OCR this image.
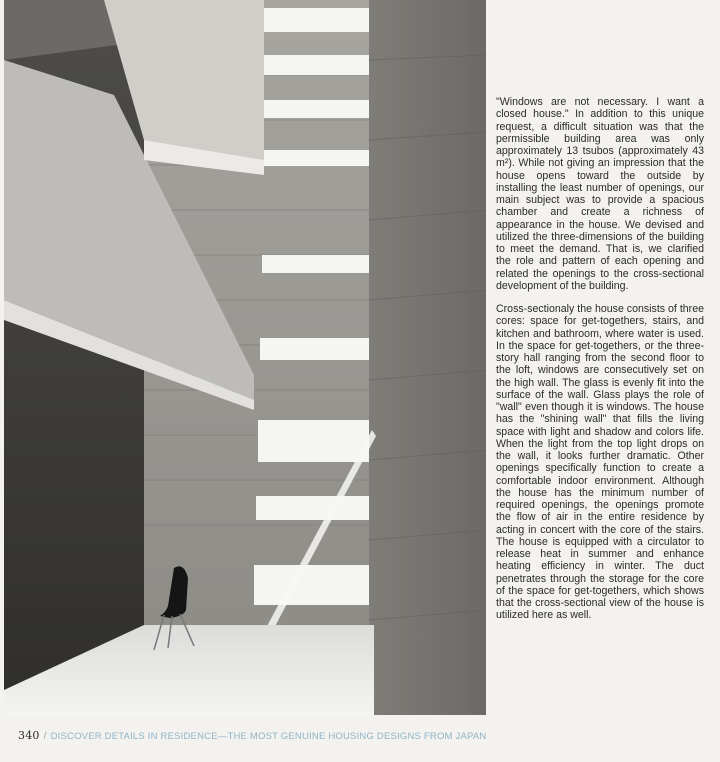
"Windows are not necessary. I want a closed house." In addition to this unique request, a difficult situation was that the permissible building area was only approximately 13 tsubos (approximately 43 m²). While not giving an impression that the house opens toward the outside by installing the least number of openings, our main subject was to provide a spacious chamber and create a richness of appearance in the house. We devised and utilized the three-dimensions of the building to meet the demand. That is, we clarified the role and pattern of each opening and related the openings to the cross-sectional development of the building.

Cross-sectionaly the house consists of three cores: space for get-togethers, stairs, and kitchen and bathroom, where water is used. In the space for get-togethers, or the three-story hall ranging from the second floor to the loft, windows are consecutively set on the high wall. The glass is evenly fit into the surface of the wall. Glass plays the role of "wall" even though it is windows. The house has the "shining wall" that fills the living space with light and shadow and colors life. When the light from the top light drops on the wall, it looks further dramatic. Other openings specifically function to create a comfortable indoor environment. Although the house has the minimum number of required openings, the openings promote the flow of air in the entire residence by acting in concert with the core of the stairs. The house is equipped with a circulator to release heat in summer and enhance heating efficiency in winter. The duct penetrates through the storage for the core of the space for get-togethers, which shows that the cross-sectional view of the house is utilized here as well.

340 / DISCOVER DETAILS IN RESIDENCE—THE MOST GENUINE HOUSING DESIGNS FROM JAPAN
